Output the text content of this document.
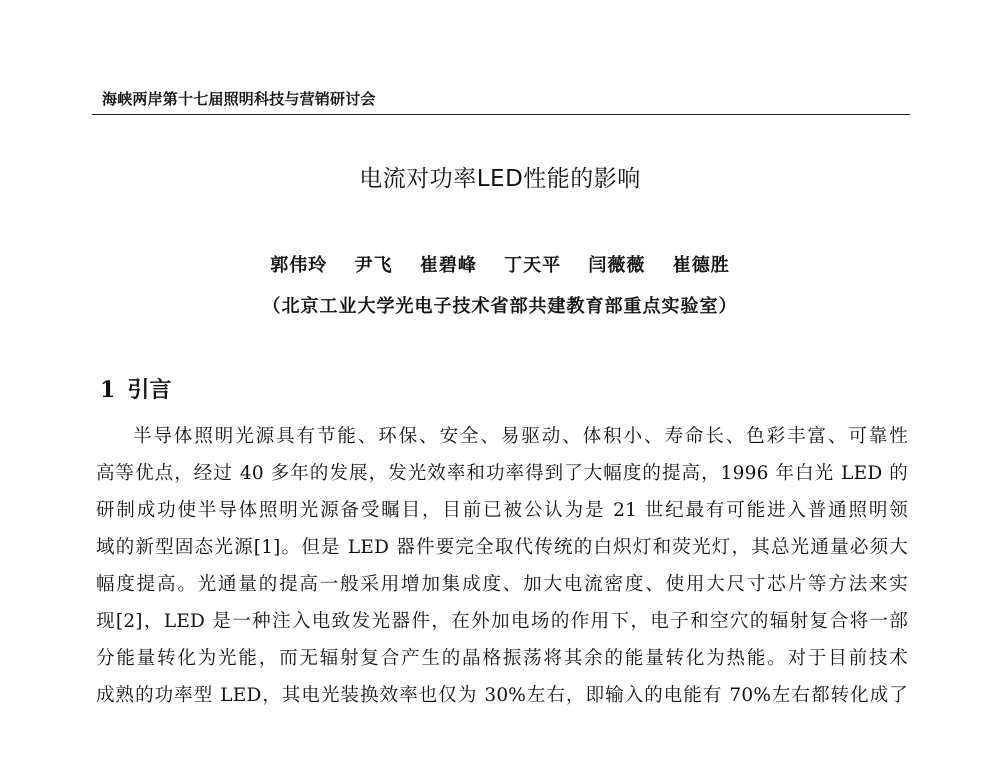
海峡两岸第十七届照明科技与营销研讨会
电流对功率LED性能的影响
郭伟玲 尹飞 崔碧峰 丁天平 闫薇薇 崔德胜
（北京工业大学光电子技术省部共建教育部重点实验室）
1 引言
半导体照明光源具有节能、环保、安全、易驱动、体积小、寿命长、色彩丰富、可靠性
高等优点，经过 40 多年的发展，发光效率和功率得到了大幅度的提高，1996 年白光 LED 的
研制成功使半导体照明光源备受瞩目，目前已被公认为是 21 世纪最有可能进入普通照明领
域的新型固态光源[1]。但是 LED 器件要完全取代传统的白炽灯和荧光灯，其总光通量必须大
幅度提高。光通量的提高一般采用增加集成度、加大电流密度、使用大尺寸芯片等方法来实
现[2]，LED 是一种注入电致发光器件，在外加电场的作用下，电子和空穴的辐射复合将一部
分能量转化为光能，而无辐射复合产生的晶格振荡将其余的能量转化为热能。对于目前技术
成熟的功率型 LED，其电光装换效率也仅为 30%左右，即输入的电能有 70%左右都转化成了
